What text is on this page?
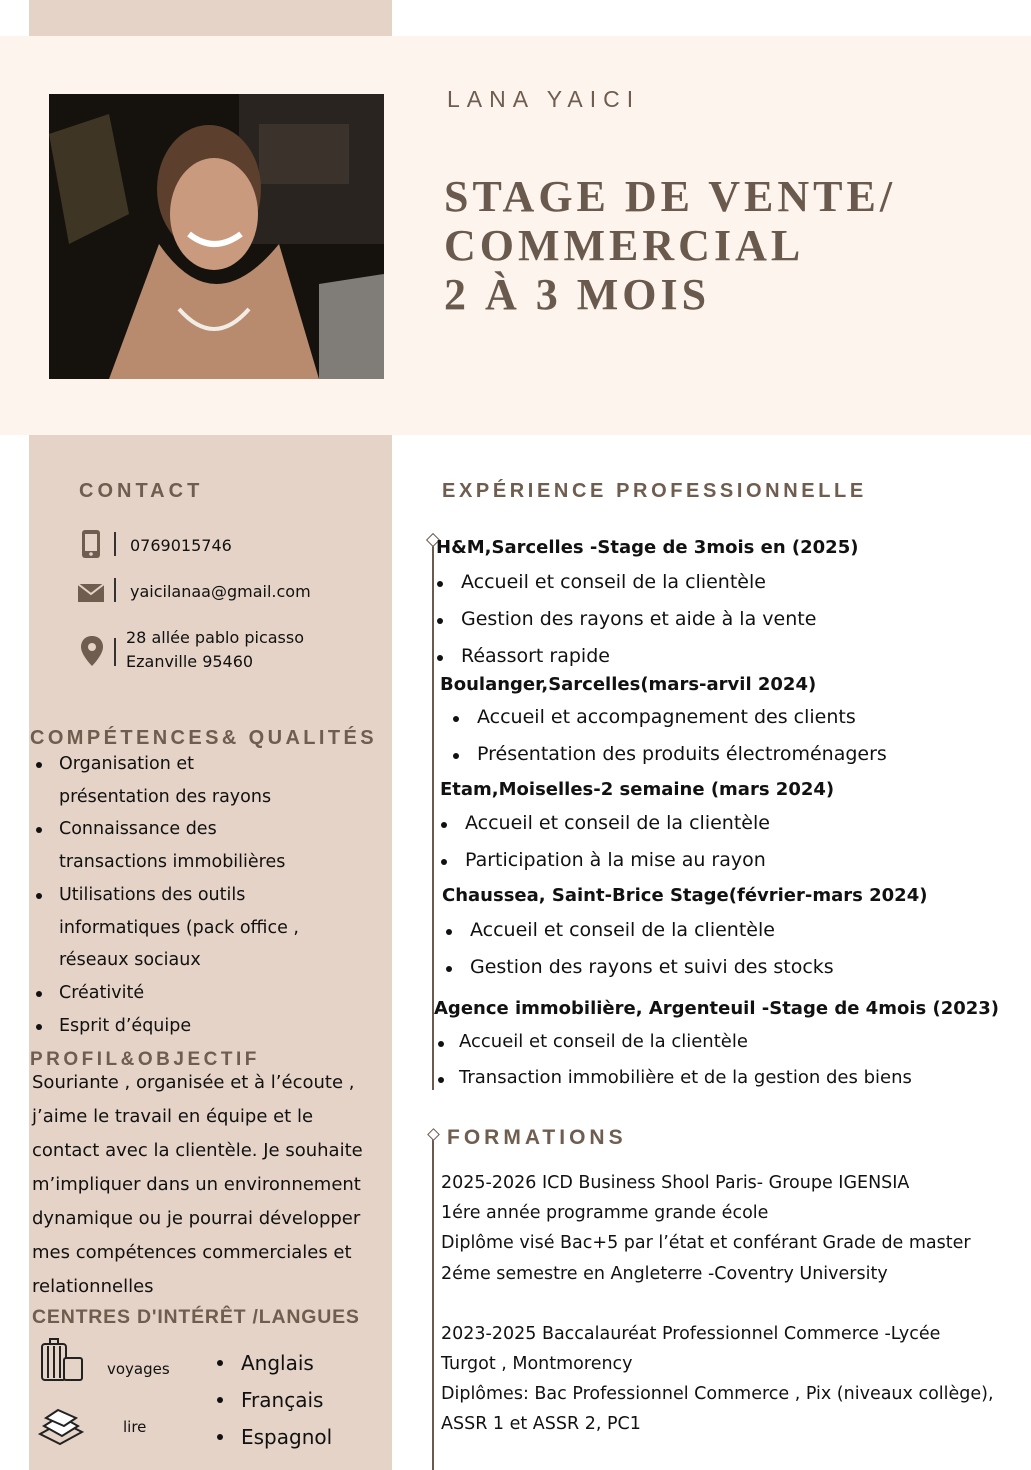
LANA YAICI
STAGE DE VENTE/
COMMERCIAL
2 À 3 MOIS
CONTACT
0769015746
yaicilanaa@gmail.com
28 allée pablo picasso
Ezanville 95460
COMPÉTENCES& QUALITÉS
Organisation et
présentation des rayons
Connaissance des
transactions immobilières
Utilisations des outils
informatiques (pack office ,
réseaux sociaux
Créativité
Esprit d’équipe
PROFIL&OBJECTIF
Souriante , organisée et à l’écoute ,
j’aime le travail en équipe et le
contact avec la clientèle. Je souhaite
m’impliquer dans un environnement
dynamique ou je pourrai développer
mes compétences commerciales et
relationnelles
CENTRES D'INTÉRÊT /LANGUES
voyages
lire
Anglais
Français
Espagnol
EXPÉRIENCE PROFESSIONNELLE
H&M,Sarcelles -Stage de 3mois en (2025)
Accueil et conseil de la clientèle
Gestion des rayons et aide à la vente
Réassort rapide
Boulanger,Sarcelles(mars-arvil 2024)
Accueil et accompagnement des clients
Présentation des produits électroménagers
Etam,Moiselles-2 semaine (mars 2024)
Accueil et conseil de la clientèle
Participation à la mise au rayon
Chaussea, Saint-Brice Stage(février-mars 2024)
Accueil et conseil de la clientèle
Gestion des rayons et suivi des stocks
Agence immobilière, Argenteuil -Stage de 4mois (2023)
Accueil et conseil de la clientèle
Transaction immobilière et de la gestion des biens
FORMATIONS
2025-2026 ICD Business Shool Paris- Groupe IGENSIA
1ére année programme grande école
Diplôme visé Bac+5 par l’état et conférant Grade de master
2éme semestre en Angleterre -Coventry University
2023-2025 Baccalauréat Professionnel Commerce -Lycée
Turgot , Montmorency
Diplômes: Bac Professionnel Commerce , Pix (niveaux collège),
ASSR 1 et ASSR 2, PC1
